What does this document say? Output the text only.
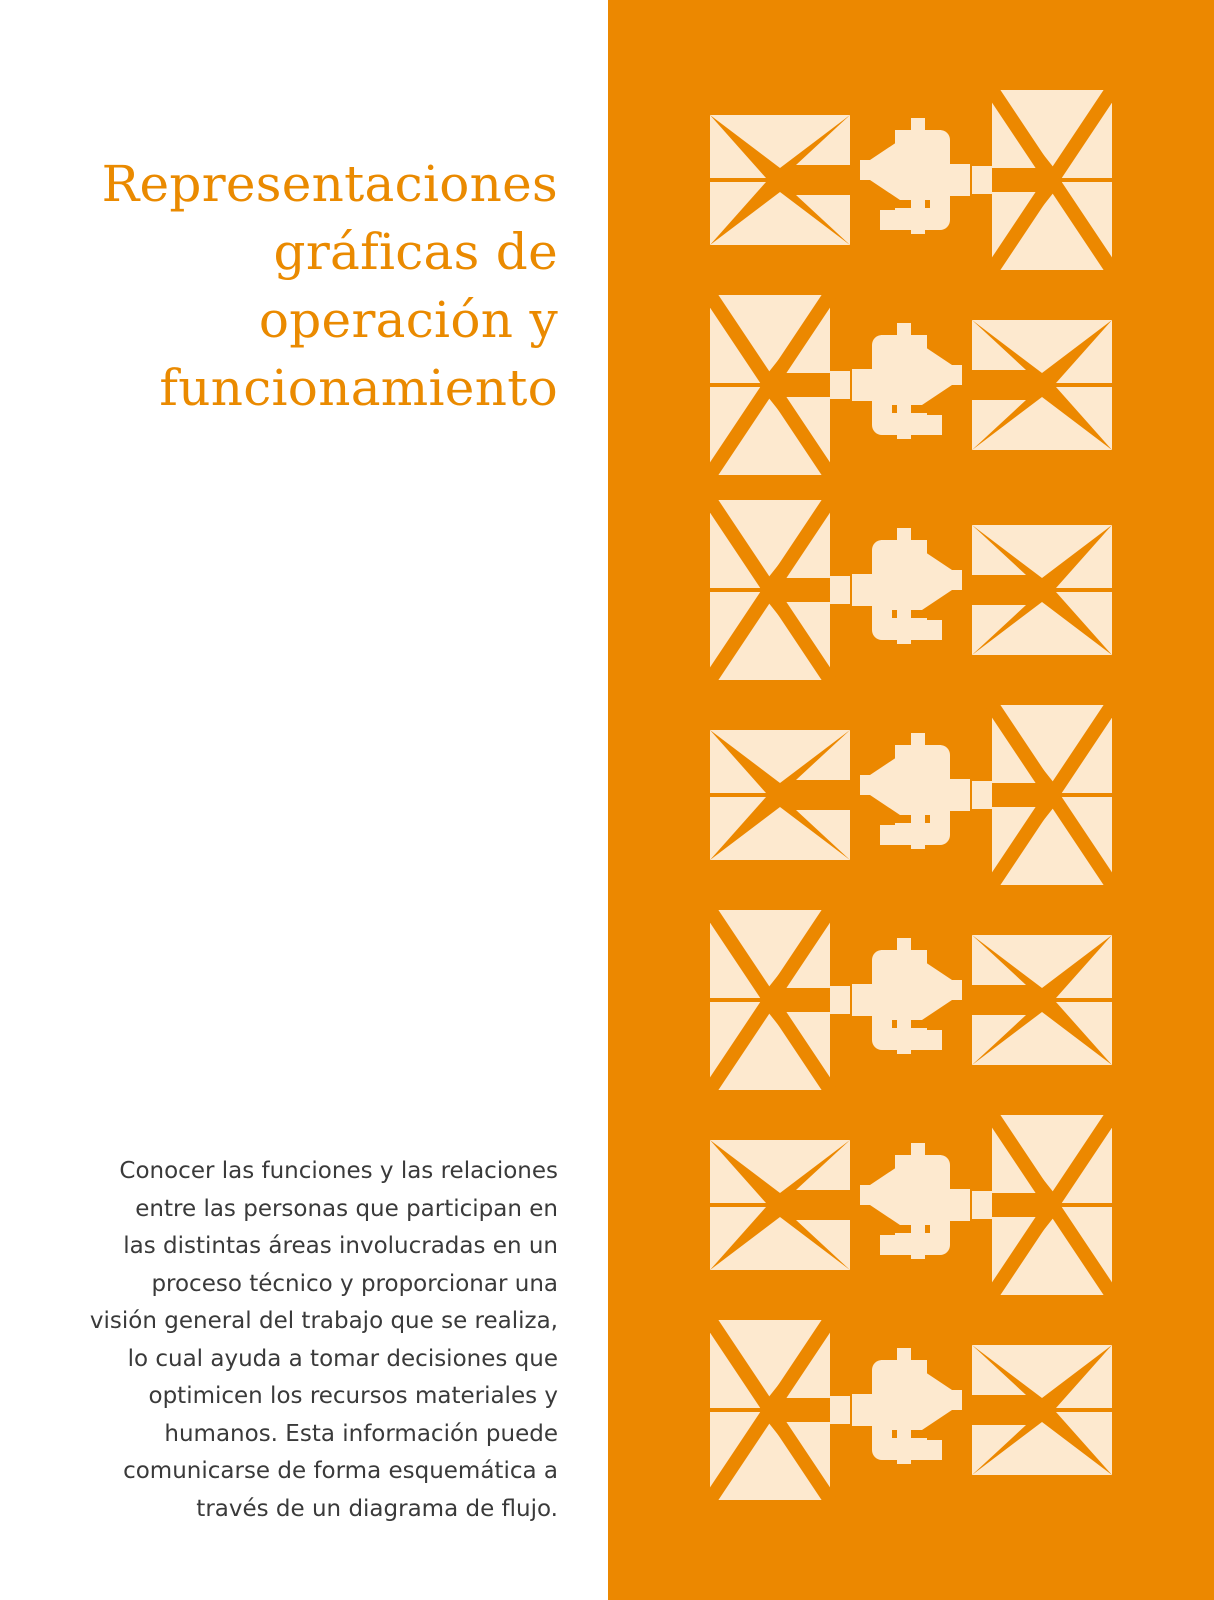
Representaciones
gráficas de
operación y
funcionamiento

Conocer las funciones y las relaciones
entre las personas que participan en
las distintas áreas involucradas en un
proceso técnico y proporcionar una
visión general del trabajo que se realiza,
lo cual ayuda a tomar decisiones que
optimicen los recursos materiales y
humanos. Esta información puede
comunicarse de forma esquemática a
través de un diagrama de flujo.
